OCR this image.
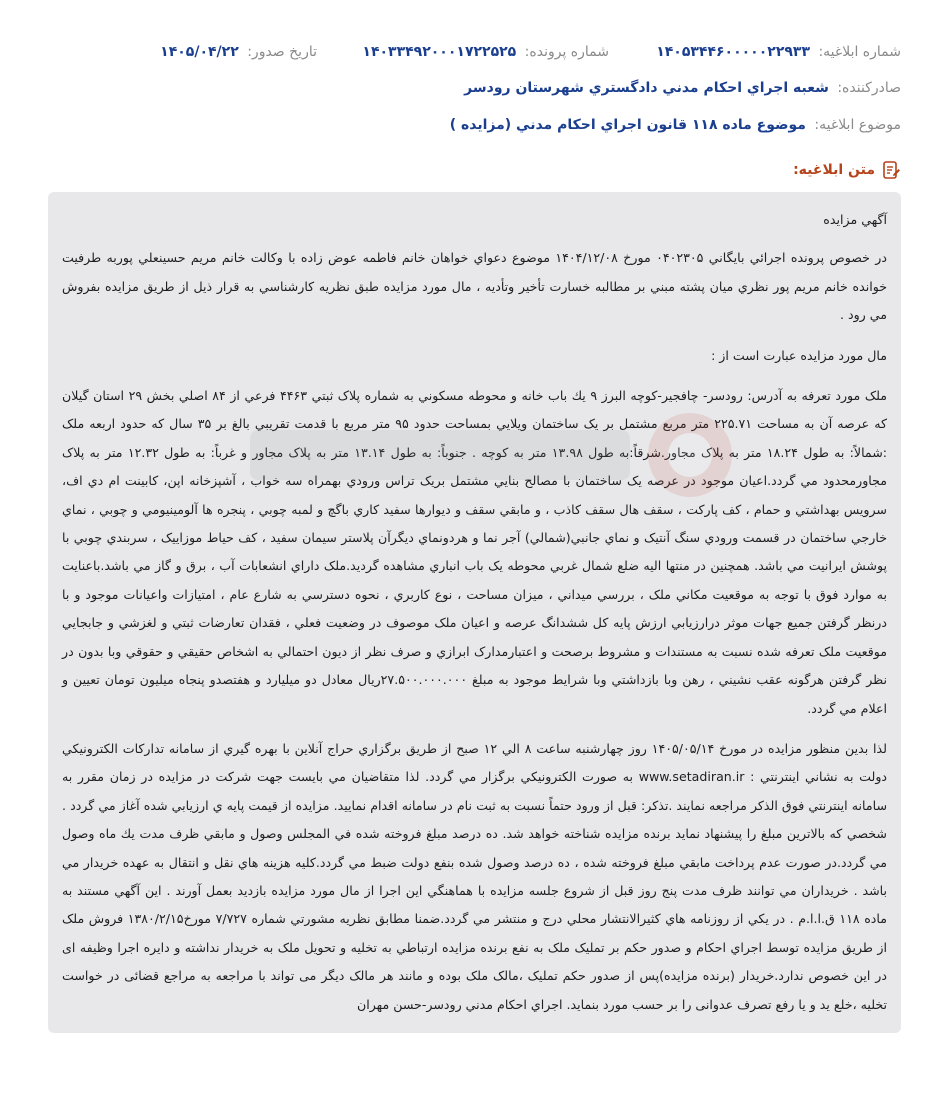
شماره ابلاغيه: ۱۴۰۵۳۴۴۶۰۰۰۰۰۲۲۹۳۳
شماره پرونده: ۱۴۰۳۳۴۹۲۰۰۰۱۷۲۲۵۲۵
تاريخ صدور: ۱۴۰۵/۰۴/۲۲
صادرکننده: شعبه اجراي احکام مدني دادگستري شهرستان رودسر
موضوع ابلاغيه: موضوع ماده ۱۱۸ قانون اجراي احکام مدني (مزايده )
متن ابلاغيه:

آگهي مزايده

در خصوص پرونده اجرائي بايگاني ۰۴۰۲۳۰۵ مورخ ۱۴۰۴/۱۲/۰۸ موضوع دعواي خواهان خانم فاطمه عوض زاده با وکالت خانم مريم حسينعلي پوربه طرفيت خوانده خانم مريم پور نظري ميان پشته مبني بر مطالبه خسارت تأخير وتأديه ، مال مورد مزايده طبق نظريه کارشناسي به قرار ذيل از طريق مزايده بفروش مي رود .

مال مورد مزايده عبارت است از :

ملک مورد تعرفه به آدرس: رودسر- چافجير-کوچه البرز ۹ يك باب خانه و محوطه مسكوني به شماره پلاک ثبتي ۴۴۶۳ فرعي از ۸۴ اصلي بخش ۲۹ استان گيلان که عرصه آن به مساحت ۲۲۵.۷۱ متر مربع مشتمل بر يک ساختمان ويلايي بمساحت حدود ۹۵ متر مربع با قدمت تقريبي بالغ بر ۳۵ سال که حدود اربعه ملک :شمالاً: به طول ۱۸.۲۴ متر به پلاک مجاور.شرقاً:به طول ۱۳.۹۸ متر به کوچه . جنوباً: به طول ۱۳.۱۴ متر به پلاک مجاور و غرباً: به طول ۱۲.۳۲ متر به پلاک مجاورمحدود مي گردد.اعيان موجود در عرصه يک ساختمان با مصالح بنايي مشتمل بريک تراس ورودي بهمراه سه خواب ، آشپزخانه اپن، کابينت ام دي اف، سرويس بهداشتي و حمام ، کف پارکت ، سقف هال سقف کاذب ، و مابقي سقف و ديوارها سفيد کاري باگچ و لمبه چوبي ، پنجره ها آلومينيومي و چوبي ، نماي خارجي ساختمان در قسمت ورودي سنگ آنتيک و نماي جانبي(شمالي) آجر نما و هردونماي ديگرآن پلاستر سيمان سفيد ، کف حياط موزاييک ، سربندي چوبي با پوشش ايرانيت مي باشد. همچنين در منتها اليه ضلع شمال غربي محوطه يک باب انباري مشاهده گرديد.ملک داراي انشعابات آب ، برق و گاز مي باشد.باعنايت به موارد فوق با توجه به موقعيت مکاني ملک ، بررسي ميداني ، ميزان مساحت ، نوع کاربري ، نحوه دسترسي به شارع عام ، امتيازات واعيانات موجود و با درنظر گرفتن جميع جهات موثر درارزيابي ارزش پايه کل ششدانگ عرصه و اعيان ملک موصوف در وضعيت فعلي ، فقدان تعارضات ثبتي و لغزشي و جابجايي موقعيت ملک تعرفه شده نسبت به مستندات و مشروط برصحت و اعتبارمدارک ابرازي و صرف نظر از ديون احتمالي به اشخاص حقيقي و حقوقي وبا بدون در نظر گرفتن هرگونه عقب نشيني ، رهن وبا بازداشتي وبا شرايط موجود به مبلغ ۲۷.۵۰۰.۰۰۰.۰۰۰ريال معادل دو ميليارد و هفتصدو پنجاه ميليون تومان تعيين و اعلام مي گردد.

لذا بدين منظور مزايده در مورخ ۱۴۰۵/۰۵/۱۴ روز چهارشنبه ساعت ۸ الي ۱۲ صبح از طريق برگزاري حراج آنلاين با بهره گيري از سامانه تدارکات الکترونيکي دولت به نشاني اينترنتي : www.setadiran.ir به صورت الکترونيکي برگزار مي گردد. لذا متقاضيان مي بايست جهت شرکت در مزايده در زمان مقرر به سامانه اينترنتي فوق الذکر مراجعه نمايند .تذکر: قبل از ورود حتماً نسبت به ثبت نام در سامانه اقدام نماييد. مزايده از قيمت پايه ي ارزيابي شده آغاز مي گردد . شخصي که بالاترين مبلغ را پيشنهاد نمايد برنده مزايده شناخته خواهد شد. ده درصد مبلغ فروخته شده في المجلس وصول و مابقي ظرف مدت يك ماه وصول مي گردد.در صورت عدم پرداخت مابقي مبلغ فروخته شده ، ده درصد وصول شده بنفع دولت ضبط مي گردد.کليه هزينه هاي نقل و انتقال به عهده خريدار مي باشد . خريداران مي توانند ظرف مدت پنج روز قبل از شروع جلسه مزايده با هماهنگي اين اجرا از مال مورد مزايده بازديد بعمل آورند . اين آگهي مستند به ماده ۱۱۸ ق.ا.ا.م . در يکي از روزنامه هاي کثيرالانتشار محلي درج و منتشر مي گردد.ضمنا مطابق نظريه مشورتي شماره ۷/۷۲۷ مورخ۱۳۸۰/۲/۱۵ فروش ملک از طريق مزايده توسط اجراي احکام و صدور حکم بر تمليک ملک به نفع برنده مزايده ارتباطي به تخليه و تحويل ملک به خريدار نداشته و دايره اجرا وظيفه اى در اين خصوص ندارد.خريدار (برنده مزايده)پس از صدور حکم تمليک ،مالک ملک بوده و مانند هر مالک ديگر مى تواند با مراجعه به مراجع قضائى در خواست تخليه ،خلع يد و يا رفع تصرف عدوانى را بر حسب مورد بنمايد. اجراي احکام مدني رودسر-حسن مهران
